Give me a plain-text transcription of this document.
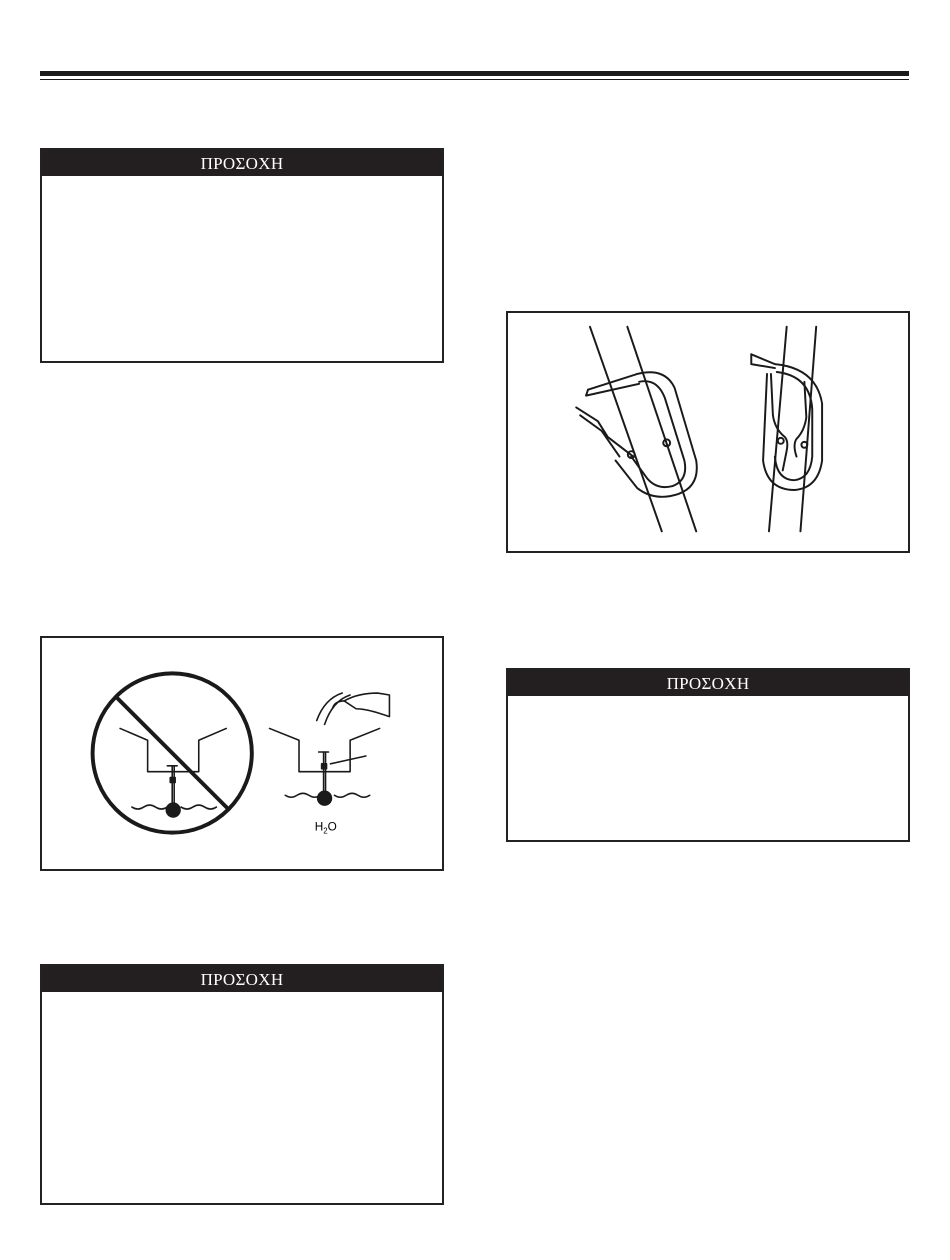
ΠΡΟΣΟΧΗ
$H_2O$
ΠΡΟΣΟΧΗ
ΠΡΟΣΟΧΗ
